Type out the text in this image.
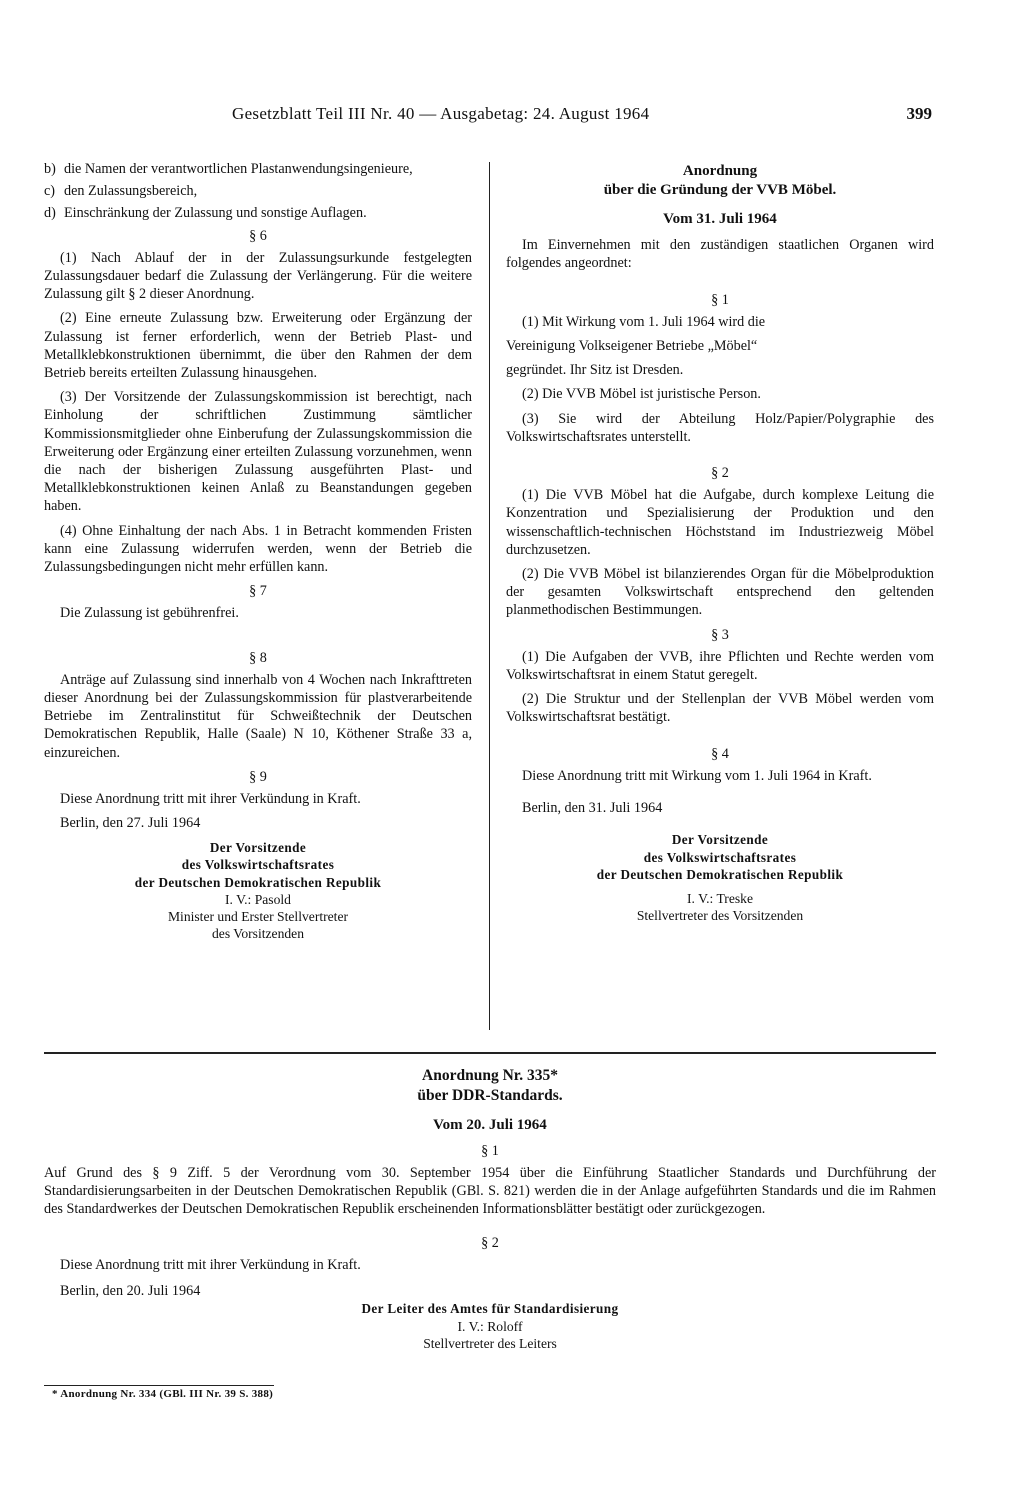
Gesetzblatt Teil III Nr. 40 — Ausgabetag: 24. August 1964	399
b) die Namen der verantwortlichen Plastanwendungsingenieure,
c) den Zulassungsbereich,
d) Einschränkung der Zulassung und sonstige Auflagen.
§ 6

(1) Nach Ablauf der in der Zulassungsurkunde festgelegten Zulassungsdauer bedarf die Zulassung der Verlängerung. Für die weitere Zulassung gilt § 2 dieser Anordnung.

(2) Eine erneute Zulassung bzw. Erweiterung oder Ergänzung der Zulassung ist ferner erforderlich, wenn der Betrieb Plast- und Metallklebkonstruktionen übernimmt, die über den Rahmen der dem Betrieb bereits erteilten Zulassung hinausgehen.

(3) Der Vorsitzende der Zulassungskommission ist berechtigt, nach Einholung der schriftlichen Zustimmung sämtlicher Kommissionsmitglieder ohne Einberufung der Zulassungskommission die Erweiterung oder Ergänzung einer erteilten Zulassung vorzunehmen, wenn die nach der bisherigen Zulassung ausgeführten Plast- und Metallklebkonstruktionen keinen Anlaß zu Beanstandungen gegeben haben.

(4) Ohne Einhaltung der nach Abs. 1 in Betracht kommenden Fristen kann eine Zulassung widerrufen werden, wenn der Betrieb die Zulassungsbedingungen nicht mehr erfüllen kann.

§ 7

Die Zulassung ist gebührenfrei.

§ 8

Anträge auf Zulassung sind innerhalb von 4 Wochen nach Inkrafttreten dieser Anordnung bei der Zulassungskommission für plastverarbeitende Betriebe im Zentralinstitut für Schweißtechnik der Deutschen Demokratischen Republik, Halle (Saale) N 10, Köthener Straße 33 a, einzureichen.

§ 9

Diese Anordnung tritt mit ihrer Verkündung in Kraft.

Berlin, den 27. Juli 1964

Der Vorsitzende
des Volkswirtschaftsrates
der Deutschen Demokratischen Republik
I. V.: Pasold
Minister und Erster Stellvertreter
des Vorsitzenden
Anordnung
über die Gründung der VVB Möbel.
Vom 31. Juli 1964

Im Einvernehmen mit den zuständigen staatlichen Organen wird folgendes angeordnet:

§ 1

(1) Mit Wirkung vom 1. Juli 1964 wird die

Vereinigung Volkseigener Betriebe „Möbel“

gegründet. Ihr Sitz ist Dresden.

(2) Die VVB Möbel ist juristische Person.

(3) Sie wird der Abteilung Holz/Papier/Polygraphie des Volkswirtschaftsrates unterstellt.

§ 2

(1) Die VVB Möbel hat die Aufgabe, durch komplexe Leitung die Konzentration und Spezialisierung der Produktion und den wissenschaftlich-technischen Höchststand im Industriezweig Möbel durchzusetzen.

(2) Die VVB Möbel ist bilanzierendes Organ für die Möbelproduktion der gesamten Volkswirtschaft entsprechend den geltenden planmethodischen Bestimmungen.

§ 3

(1) Die Aufgaben der VVB, ihre Pflichten und Rechte werden vom Volkswirtschaftsrat in einem Statut geregelt.

(2) Die Struktur und der Stellenplan der VVB Möbel werden vom Volkswirtschaftsrat bestätigt.

§ 4

Diese Anordnung tritt mit Wirkung vom 1. Juli 1964 in Kraft.

Berlin, den 31. Juli 1964

Der Vorsitzende
des Volkswirtschaftsrates
der Deutschen Demokratischen Republik
I. V.: Treske
Stellvertreter des Vorsitzenden
Anordnung Nr. 335*
über DDR-Standards.
Vom 20. Juli 1964
§ 1

Auf Grund des § 9 Ziff. 5 der Verordnung vom 30. September 1954 über die Einführung Staatlicher Standards und Durchführung der Standardisierungsarbeiten in der Deutschen Demokratischen Republik (GBl. S. 821) werden die in der Anlage aufgeführten Standards und die im Rahmen des Standardwerkes der Deutschen Demokratischen Republik erscheinenden Informationsblätter bestätigt oder zurückgezogen.

§ 2

Diese Anordnung tritt mit ihrer Verkündung in Kraft.

Berlin, den 20. Juli 1964

Der Leiter des Amtes für Standardisierung
I. V.: Roloff
Stellvertreter des Leiters
* Anordnung Nr. 334 (GBl. III Nr. 39 S. 388)
